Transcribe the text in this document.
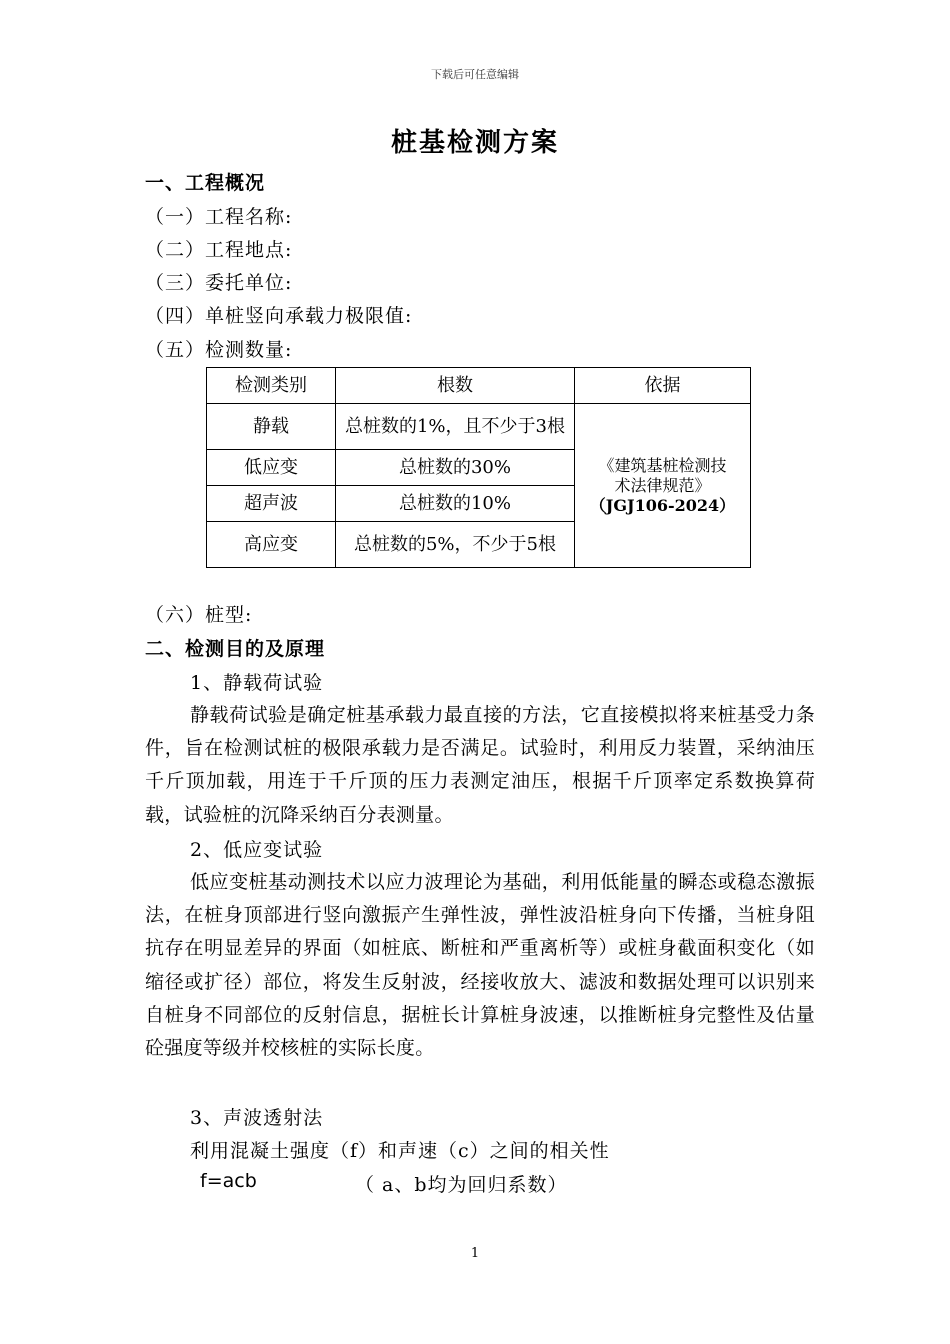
下载后可任意编辑
桩基检测方案
一、工程概况
（一）工程名称:
（二）工程地点:
（三）委托单位:
（四）单桩竖向承载力极限值:
（五）检测数量:
检测类别	根数	依据
静载	总桩数的1%，且不少于3根	《建筑基桩检测技
术法律规范》
（JGJ106-2024）

低应变	总桩数的30%	
超声波	总桩数的10%	
高应变	总桩数的5%，不少于5根	
（六）桩型:
二、检测目的及原理
1、静载荷试验
静载荷试验是确定桩基承载力最直接的方法，它直接模拟将来桩基受力条件，旨在检测试桩的极限承载力是否满足。试验时，利用反力装置，采纳油压千斤顶加载，用连于千斤顶的压力表测定油压，根据千斤顶率定系数换算荷载，试验桩的沉降采纳百分表测量。
2、低应变试验
低应变桩基动测技术以应力波理论为基础，利用低能量的瞬态或稳态激振法，在桩身顶部进行竖向激振产生弹性波，弹性波沿桩身向下传播，当桩身阻抗存在明显差异的界面（如桩底、断桩和严重离析等）或桩身截面积变化（如缩径或扩径）部位，将发生反射波，经接收放大、滤波和数据处理可以识别来自桩身不同部位的反射信息，据桩长计算桩身波速，以推断桩身完整性及估量砼强度等级并校核桩的实际长度。
3、声波透射法
利用混凝土强度（f）和声速（c）之间的相关性
f=acb	（ a、b均为回归系数）
1
